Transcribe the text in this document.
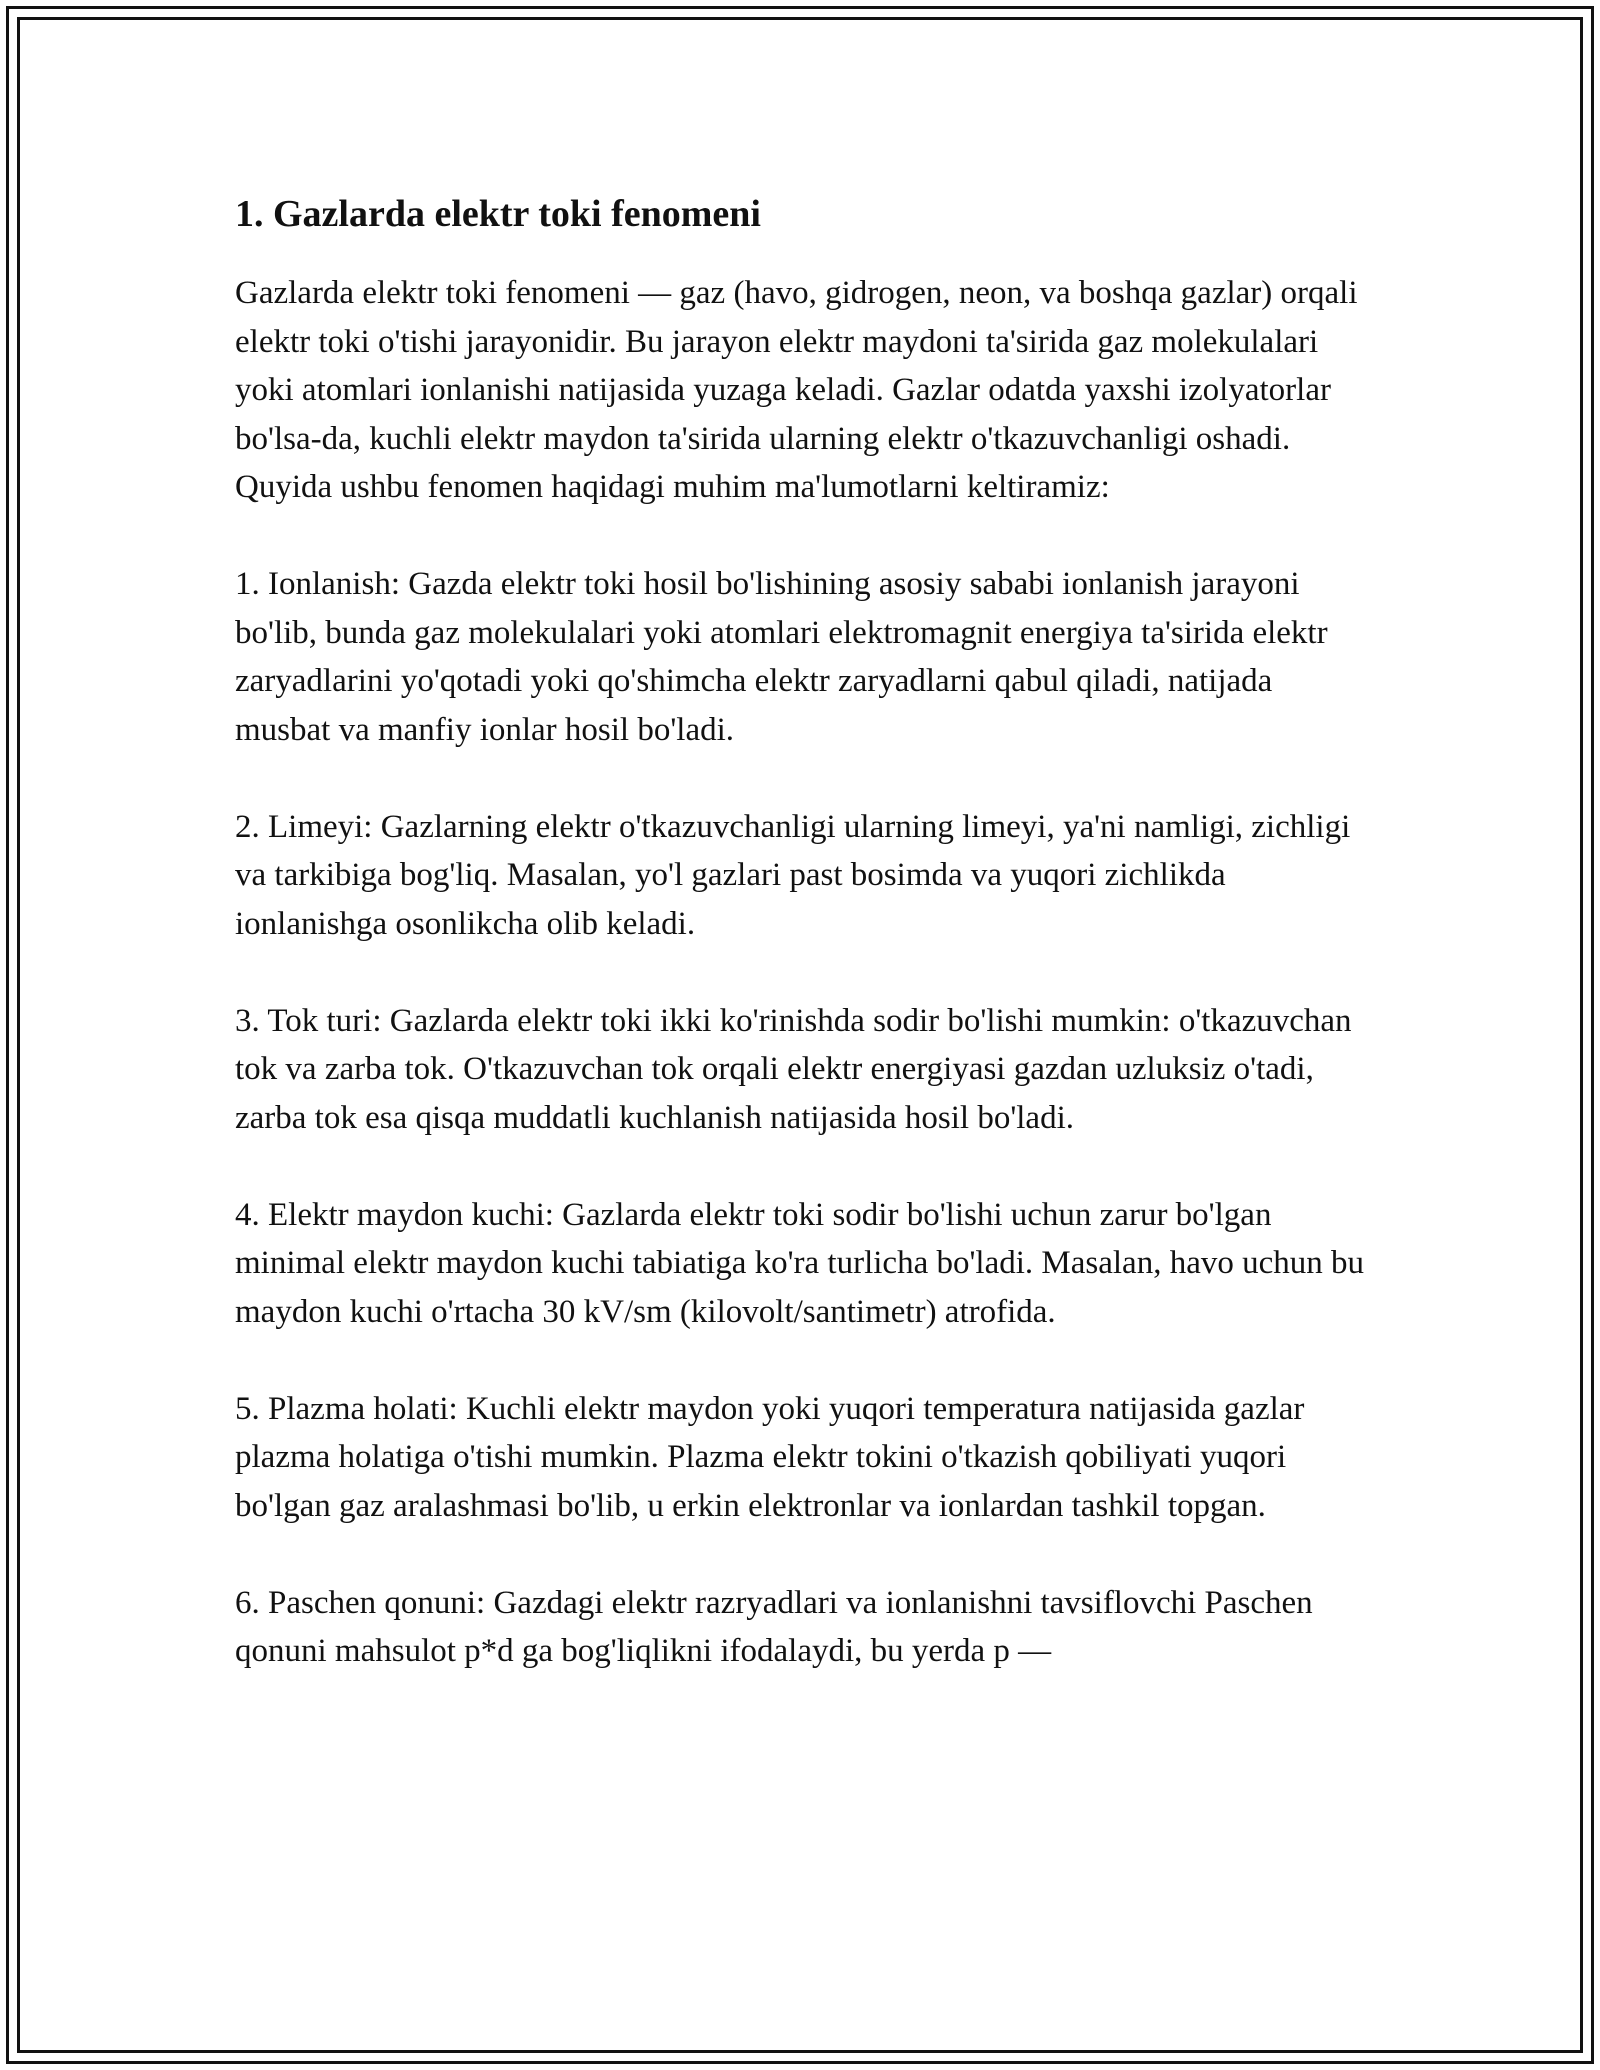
1. Gazlarda elektr toki fenomeni

Gazlarda elektr toki fenomeni — gaz (havo, gidrogen, neon, va boshqa gazlar) orqali elektr toki o'tishi jarayonidir. Bu jarayon elektr maydoni ta'sirida gaz molekulalari yoki atomlari ionlanishi natijasida yuzaga keladi. Gazlar odatda yaxshi izolyatorlar bo'lsa-da, kuchli elektr maydon ta'sirida ularning elektr o'tkazuvchanligi oshadi. Quyida ushbu fenomen haqidagi muhim ma'lumotlarni keltiramiz:

1. Ionlanish: Gazda elektr toki hosil bo'lishining asosiy sababi ionlanish jarayoni bo'lib, bunda gaz molekulalari yoki atomlari elektromagnit energiya ta'sirida elektr zaryadlarini yo'qotadi yoki qo'shimcha elektr zaryadlarni qabul qiladi, natijada musbat va manfiy ionlar hosil bo'ladi.

2. Limeyi: Gazlarning elektr o'tkazuvchanligi ularning limeyi, ya'ni namligi, zichligi va tarkibiga bog'liq. Masalan, yo'l gazlari past bosimda va yuqori zichlikda ionlanishga osonlikcha olib keladi.

3. Tok turi: Gazlarda elektr toki ikki ko'rinishda sodir bo'lishi mumkin: o'tkazuvchan tok va zarba tok. O'tkazuvchan tok orqali elektr energiyasi gazdan uzluksiz o'tadi, zarba tok esa qisqa muddatli kuchlanish natijasida hosil bo'ladi.

4. Elektr maydon kuchi: Gazlarda elektr toki sodir bo'lishi uchun zarur bo'lgan minimal elektr maydon kuchi tabiatiga ko'ra turlicha bo'ladi. Masalan, havo uchun bu maydon kuchi o'rtacha 30 kV/sm (kilovolt/santimetr) atrofida.

5. Plazma holati: Kuchli elektr maydon yoki yuqori temperatura natijasida gazlar plazma holatiga o'tishi mumkin. Plazma elektr tokini o'tkazish qobiliyati yuqori bo'lgan gaz aralashmasi bo'lib, u erkin elektronlar va ionlardan tashkil topgan.

6. Paschen qonuni: Gazdagi elektr razryadlari va ionlanishni tavsiflovchi Paschen qonuni mahsulot p*d ga bog'liqlikni ifodalaydi, bu yerda p —
